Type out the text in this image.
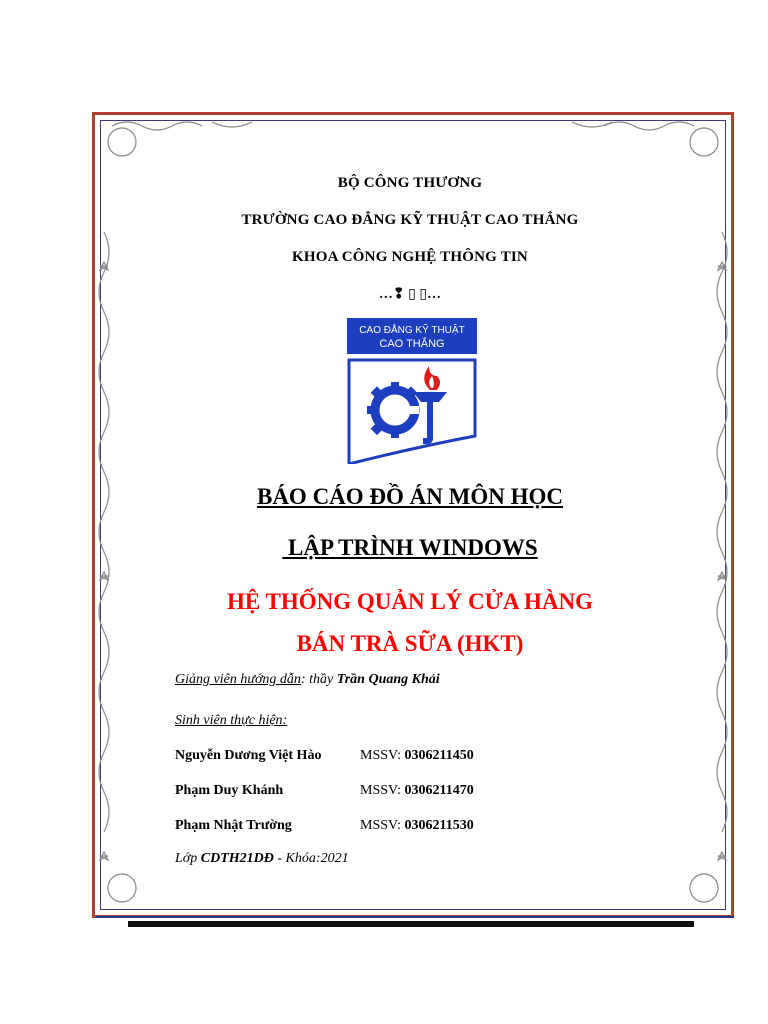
BỘ CÔNG THƯƠNG
TRƯỜNG CAO ĐẲNG KỸ THUẬT CAO THẮNG
KHOA CÔNG NGHỆ THÔNG TIN
…❢ ▯ ▯…
CAO ĐẲNG KỸ THUẬT
CAO THẮNG
BÁO CÁO ĐỒ ÁN MÔN HỌC
LẬP TRÌNH WINDOWS
HỆ THỐNG QUẢN LÝ CỬA HÀNG
BÁN TRÀ SỮA (HKT)
Giảng viên hướng dẫn: thầy Trần Quang Khải
Sinh viên thực hiện:
Nguyễn Dương Việt Hào	MSSV: 0306211450
Phạm Duy Khánh	MSSV: 0306211470
Phạm Nhật Trường	MSSV: 0306211530
Lớp CDTH21DĐ - Khóa:2021
